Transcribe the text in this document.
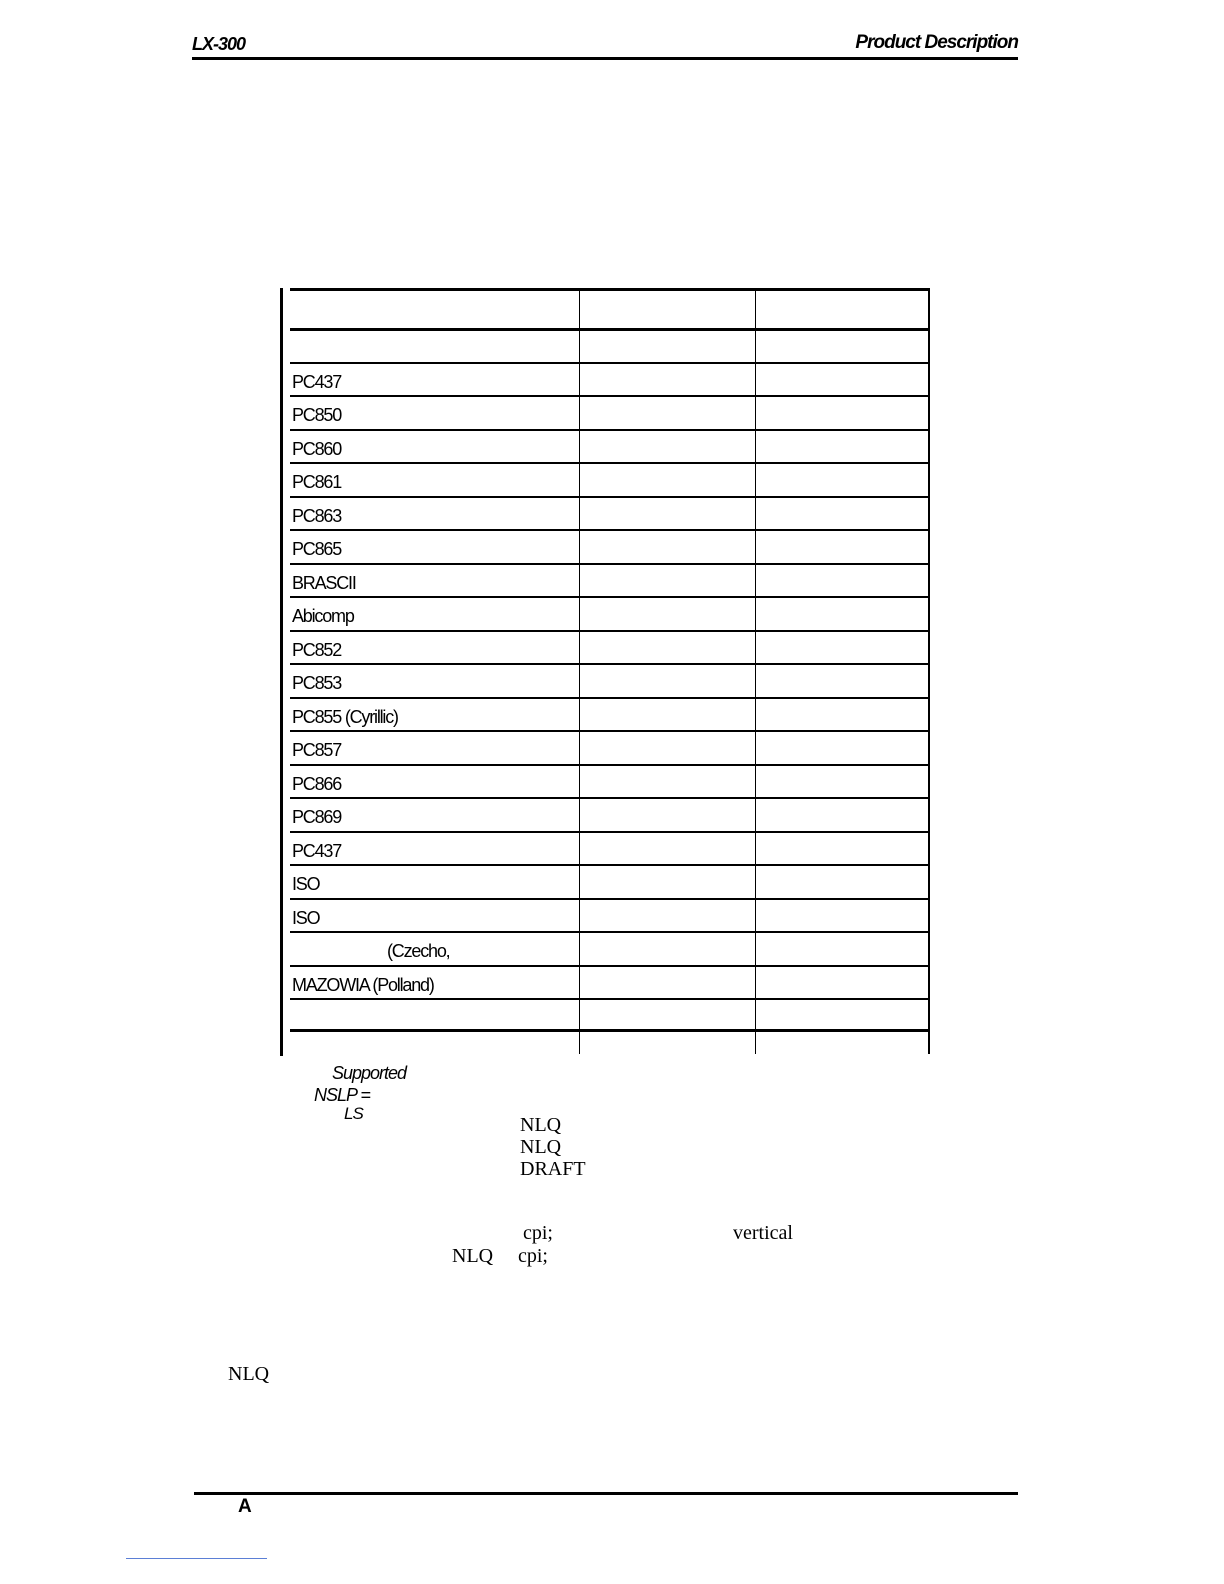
LX-300	Product Description
PC437
PC850
PC860
PC861
PC863
PC865
BRASCII
Abicomp
PC852
PC853
PC855 (Cyrillic)
PC857
PC866
PC869
PC437
ISO
ISO
(Czecho,
MAZOWIA (Polland)
Supported
NSLP =
LS
NLQ
NLQ
DRAFT
cpi;	vertical
NLQ cpi;
NLQ
A
